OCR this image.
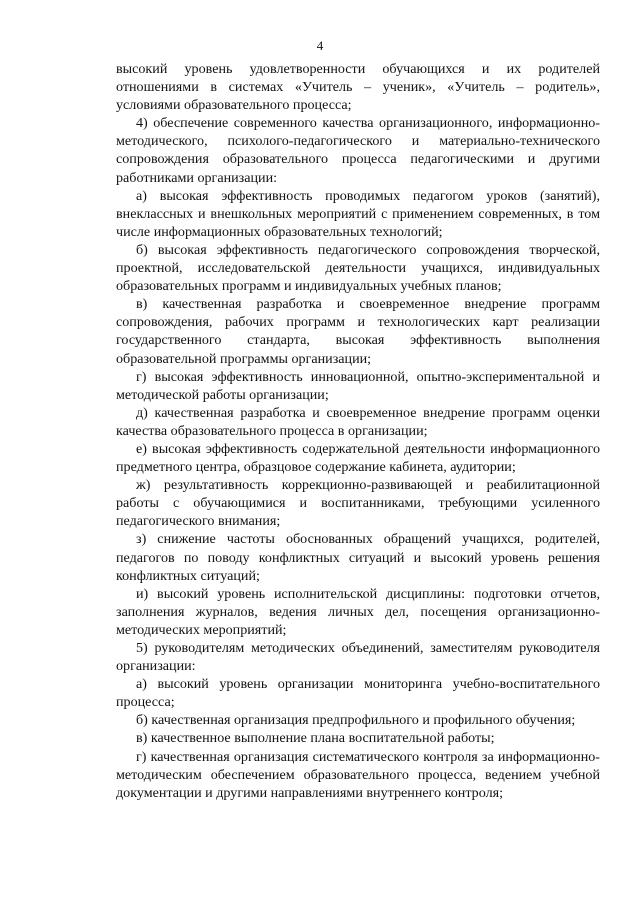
4

высокий уровень удовлетворенности обучающихся и их родителей отношениями в системах «Учитель – ученик», «Учитель – родитель», условиями образовательного процесса;

4) обеспечение современного качества организационного, информационно-методического, психолого-педагогического и материально-технического сопровождения образовательного процесса педагогическими и другими работниками организации:

а) высокая эффективность проводимых педагогом уроков (занятий), внеклассных и внешкольных мероприятий с применением современных, в том числе информационных образовательных технологий;

б) высокая эффективность педагогического сопровождения творческой, проектной, исследовательской деятельности учащихся, индивидуальных образовательных программ и индивидуальных учебных планов;

в) качественная разработка и своевременное внедрение программ сопровождения, рабочих программ и технологических карт реализации государственного стандарта, высокая эффективность выполнения образовательной программы организации;

г) высокая эффективность инновационной, опытно-экспериментальной и методической работы организации;

д) качественная разработка и своевременное внедрение программ оценки качества образовательного процесса в организации;

е) высокая эффективность содержательной деятельности информационного предметного центра, образцовое содержание кабинета, аудитории;

ж) результативность коррекционно-развивающей и реабилитационной работы с обучающимися и воспитанниками, требующими усиленного педагогического внимания;

з) снижение частоты обоснованных обращений учащихся, родителей, педагогов по поводу конфликтных ситуаций и высокий уровень решения конфликтных ситуаций;

и) высокий уровень исполнительской дисциплины: подготовки отчетов, заполнения журналов, ведения личных дел, посещения организационно-методических мероприятий;

5) руководителям методических объединений, заместителям руководителя организации:

а) высокий уровень организации мониторинга учебно-воспитательного процесса;

б) качественная организация предпрофильного и профильного обучения;

в) качественное выполнение плана воспитательной работы;

г) качественная организация систематического контроля за информационно-методическим обеспечением образовательного процесса, ведением учебной документации и другими направлениями внутреннего контроля;
